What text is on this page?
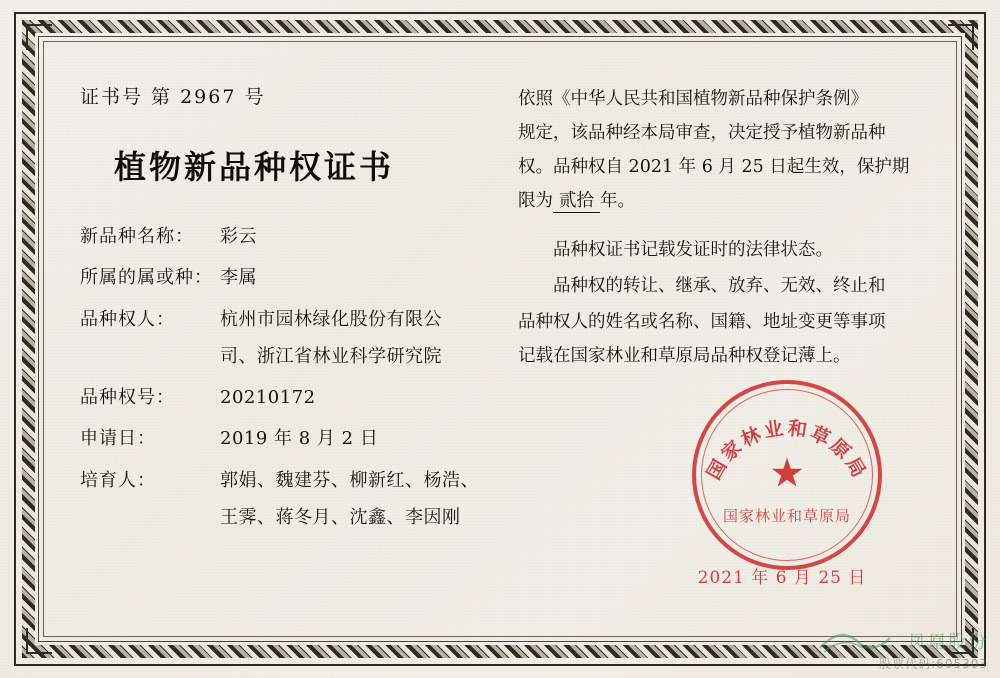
证书号 第 2967 号
植物新品种权证书
新品种名称：	彩云
所属的属或种： 李属
品种权人：	杭州市园林绿化股份有限公
司、浙江省林业科学研究院
品种权号：	20210172
申请日：	2019 年 8 月 2 日
培育人：	郭娟、魏建芬、柳新红、杨浩、
王霁、蒋冬月、沈鑫、李因刚

依照《中华人民共和国植物新品种保护条例》
规定，该品种经本局审查，决定授予植物新品种
权。品种权自 2021 年 6 月 25 日起生效，保护期
限为 贰拾 年。

品种权证书记载发证时的法律状态。

品种权的转让、继承、放弃、无效、终止和

品种权人的姓名或名称、国籍、地址变更等事项
记载在国家林业和草原局品种权登记薄上。

国家林业和草原局
★
国家林业和草原局
2021 年 6 月 25 日
凤凰股份
股票代码:605303
